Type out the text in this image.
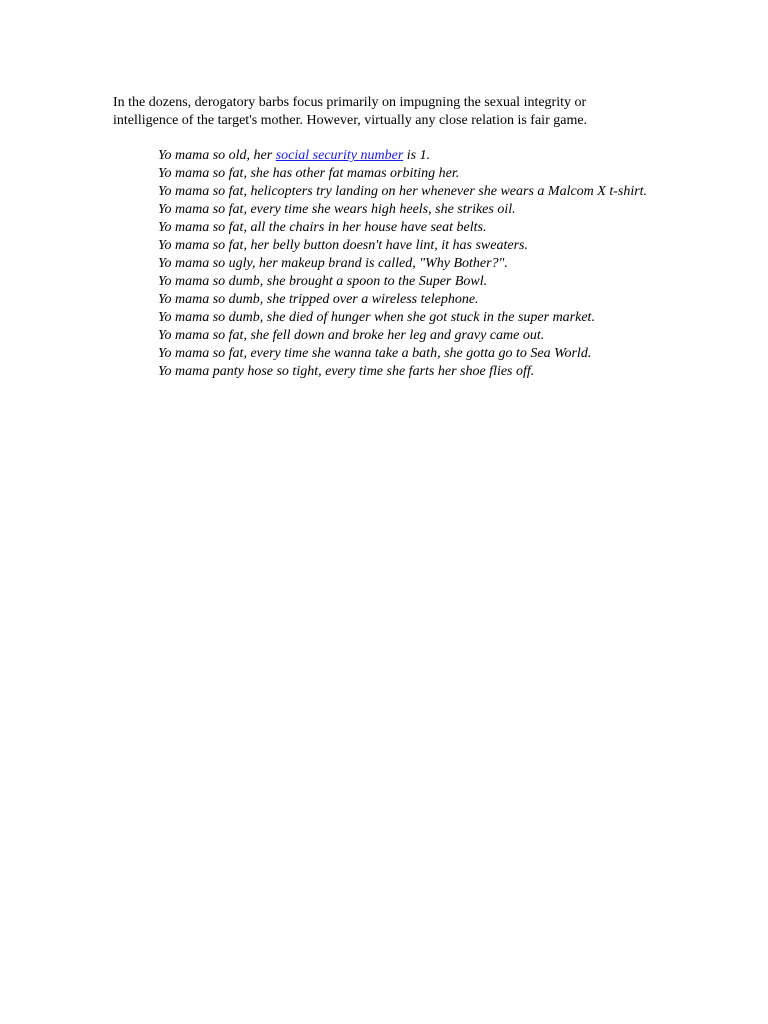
In the dozens, derogatory barbs focus primarily on impugning the sexual integrity or
intelligence of the target's mother. However, virtually any close relation is fair game.

Yo mama so old, her social security number is 1.
Yo mama so fat, she has other fat mamas orbiting her.
Yo mama so fat, helicopters try landing on her whenever she wears a Malcom X t-shirt.
Yo mama so fat, every time she wears high heels, she strikes oil.
Yo mama so fat, all the chairs in her house have seat belts.
Yo mama so fat, her belly button doesn't have lint, it has sweaters.
Yo mama so ugly, her makeup brand is called, "Why Bother?".
Yo mama so dumb, she brought a spoon to the Super Bowl.
Yo mama so dumb, she tripped over a wireless telephone.
Yo mama so dumb, she died of hunger when she got stuck in the super market.
Yo mama so fat, she fell down and broke her leg and gravy came out.
Yo mama so fat, every time she wanna take a bath, she gotta go to Sea World.
Yo mama panty hose so tight, every time she farts her shoe flies off.
